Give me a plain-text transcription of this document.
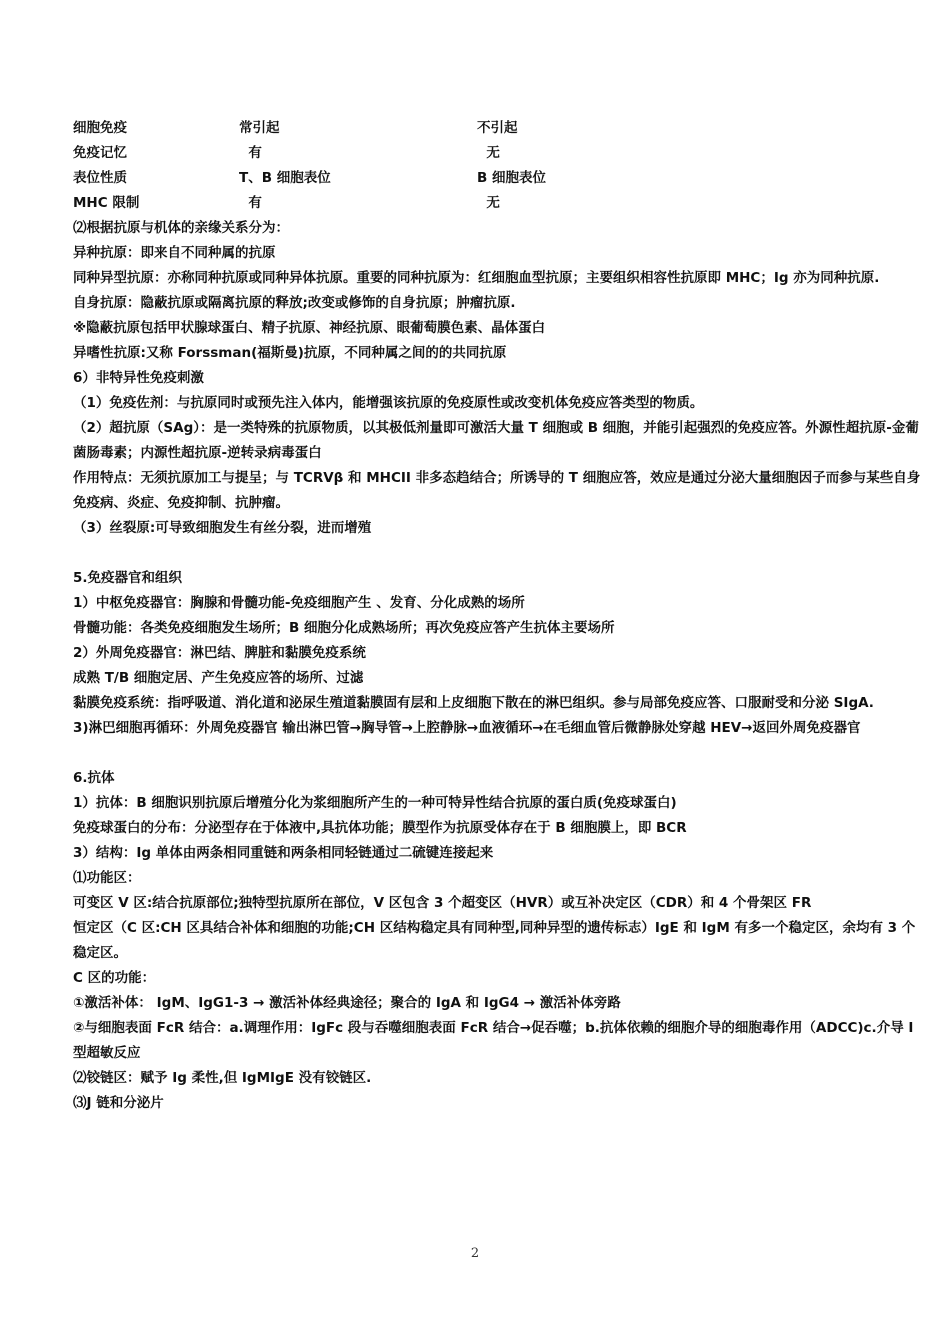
细胞免疫	常引起	不引起
免疫记忆	有	无
表位性质	T、B 细胞表位	B 细胞表位
MHC 限制	有	无
⑵根据抗原与机体的亲缘关系分为：
异种抗原：即来自不同种属的抗原
同种异型抗原：亦称同种抗原或同种异体抗原。重要的同种抗原为：红细胞血型抗原；主要组织相容性抗原即 MHC；Ig 亦为同种抗原.
自身抗原：隐蔽抗原或隔离抗原的释放;改变或修饰的自身抗原；肿瘤抗原.
※隐蔽抗原包括甲状腺球蛋白、精子抗原、神经抗原、眼葡萄膜色素、晶体蛋白
异嗜性抗原:又称 Forssman(福斯曼)抗原，不同种属之间的的共同抗原
6）非特异性免疫刺激
（1）免疫佐剂：与抗原同时或预先注入体内，能增强该抗原的免疫原性或改变机体免疫应答类型的物质。
（2）超抗原（SAg）：是一类特殊的抗原物质，以其极低剂量即可激活大量 T 细胞或 B 细胞，并能引起强烈的免疫应答。外源性超抗原-金葡菌肠毒素；内源性超抗原-逆转录病毒蛋白
作用特点：无须抗原加工与提呈；与 TCRVβ 和 MHCII 非多态趋结合；所诱导的 T 细胞应答，效应是通过分泌大量细胞因子而参与某些自身免疫病、炎症、免疫抑制、抗肿瘤。
（3）丝裂原:可导致细胞发生有丝分裂，进而增殖
5.免疫器官和组织
1）中枢免疫器官：胸腺和骨髓功能-免疫细胞产生 、发育、分化成熟的场所
骨髓功能：各类免疫细胞发生场所；B 细胞分化成熟场所；再次免疫应答产生抗体主要场所
2）外周免疫器官：淋巴结、脾脏和黏膜免疫系统
成熟 T/B 细胞定居、产生免疫应答的场所、过滤
黏膜免疫系统：指呼吸道、消化道和泌尿生殖道黏膜固有层和上皮细胞下散在的淋巴组织。参与局部免疫应答、口服耐受和分泌 SIgA.
3)淋巴细胞再循环：外周免疫器官 输出淋巴管→胸导管→上腔静脉→血液循环→在毛细血管后微静脉处穿越 HEV→返回外周免疫器官
6.抗体
1）抗体：B 细胞识别抗原后增殖分化为浆细胞所产生的一种可特异性结合抗原的蛋白质(免疫球蛋白)
免疫球蛋白的分布：分泌型存在于体液中,具抗体功能；膜型作为抗原受体存在于 B 细胞膜上，即 BCR
3）结构：Ig 单体由两条相同重链和两条相同轻链通过二硫键连接起来
⑴功能区：
可变区 V 区:结合抗原部位;独特型抗原所在部位，V 区包含 3 个超变区（HVR）或互补决定区（CDR）和 4 个骨架区 FR
恒定区（C 区:CH 区具结合补体和细胞的功能;CH 区结构稳定具有同种型,同种异型的遗传标志）IgE 和 IgM 有多一个稳定区，余均有 3 个稳定区。
C 区的功能：
①激活补体： IgM、IgG1-3 → 激活补体经典途径；聚合的 IgA 和 IgG4 → 激活补体旁路
②与细胞表面 FcR 结合：a.调理作用：IgFc 段与吞噬细胞表面 FcR 结合→促吞噬；b.抗体依赖的细胞介导的细胞毒作用（ADCC)c.介导 I 型超敏反应
⑵铰链区：赋予 Ig 柔性,但 IgMIgE 没有铰链区.
⑶J 链和分泌片
2
